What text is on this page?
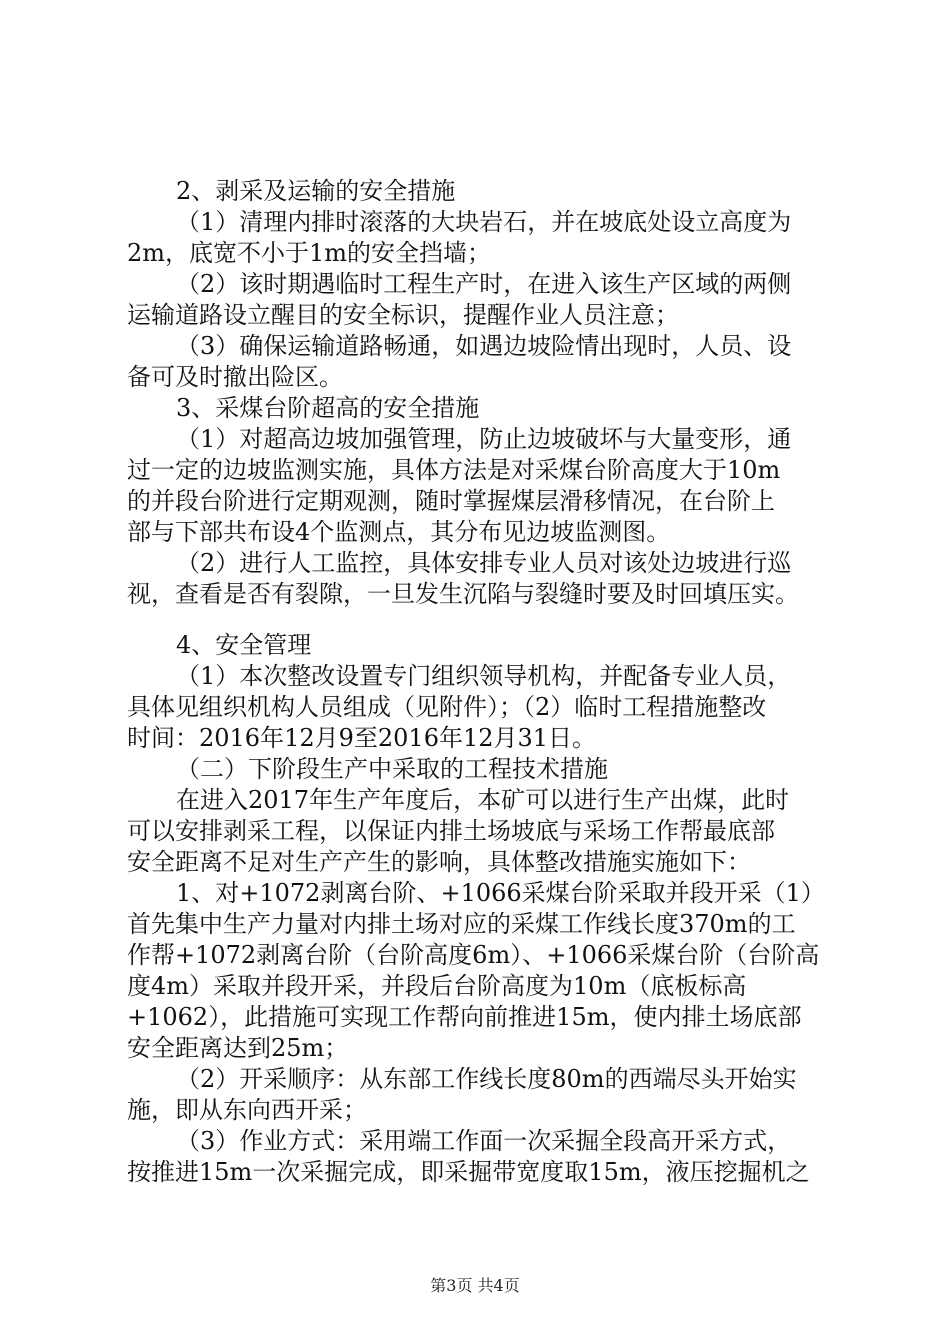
2、剥采及运输的安全措施
（1）清理内排时滚落的大块岩石，并在坡底处设立高度为
2m，底宽不小于1m的安全挡墙；
（2）该时期遇临时工程生产时，在进入该生产区域的两侧
运输道路设立醒目的安全标识，提醒作业人员注意；
（3）确保运输道路畅通，如遇边坡险情出现时，人员、设
备可及时撤出险区。
3、采煤台阶超高的安全措施
（1）对超高边坡加强管理，防止边坡破坏与大量变形，通
过一定的边坡监测实施，具体方法是对采煤台阶高度大于10m
的并段台阶进行定期观测，随时掌握煤层滑移情况，在台阶上
部与下部共布设4个监测点，其分布见边坡监测图。
（2）进行人工监控，具体安排专业人员对该处边坡进行巡
视，查看是否有裂隙，一旦发生沉陷与裂缝时要及时回填压实。
4、安全管理
（1）本次整改设置专门组织领导机构，并配备专业人员，
具体见组织机构人员组成（见附件）；（2）临时工程措施整改
时间：2016年12月9至2016年12月31日。
（二）下阶段生产中采取的工程技术措施
在进入2017年生产年度后，本矿可以进行生产出煤，此时
可以安排剥采工程，以保证内排土场坡底与采场工作帮最底部
安全距离不足对生产产生的影响，具体整改措施实施如下：
1、对+1072剥离台阶、+1066采煤台阶采取并段开采（1）
首先集中生产力量对内排土场对应的采煤工作线长度370m的工
作帮+1072剥离台阶（台阶高度6m）、+1066采煤台阶（台阶高
度4m）采取并段开采，并段后台阶高度为10m（底板标高
+1062），此措施可实现工作帮向前推进15m，使内排土场底部
安全距离达到25m；
（2）开采顺序：从东部工作线长度80m的西端尽头开始实
施，即从东向西开采；
（3）作业方式：采用端工作面一次采掘全段高开采方式，
按推进15m一次采掘完成，即采掘带宽度取15m，液压挖掘机之
第3页 共4页
